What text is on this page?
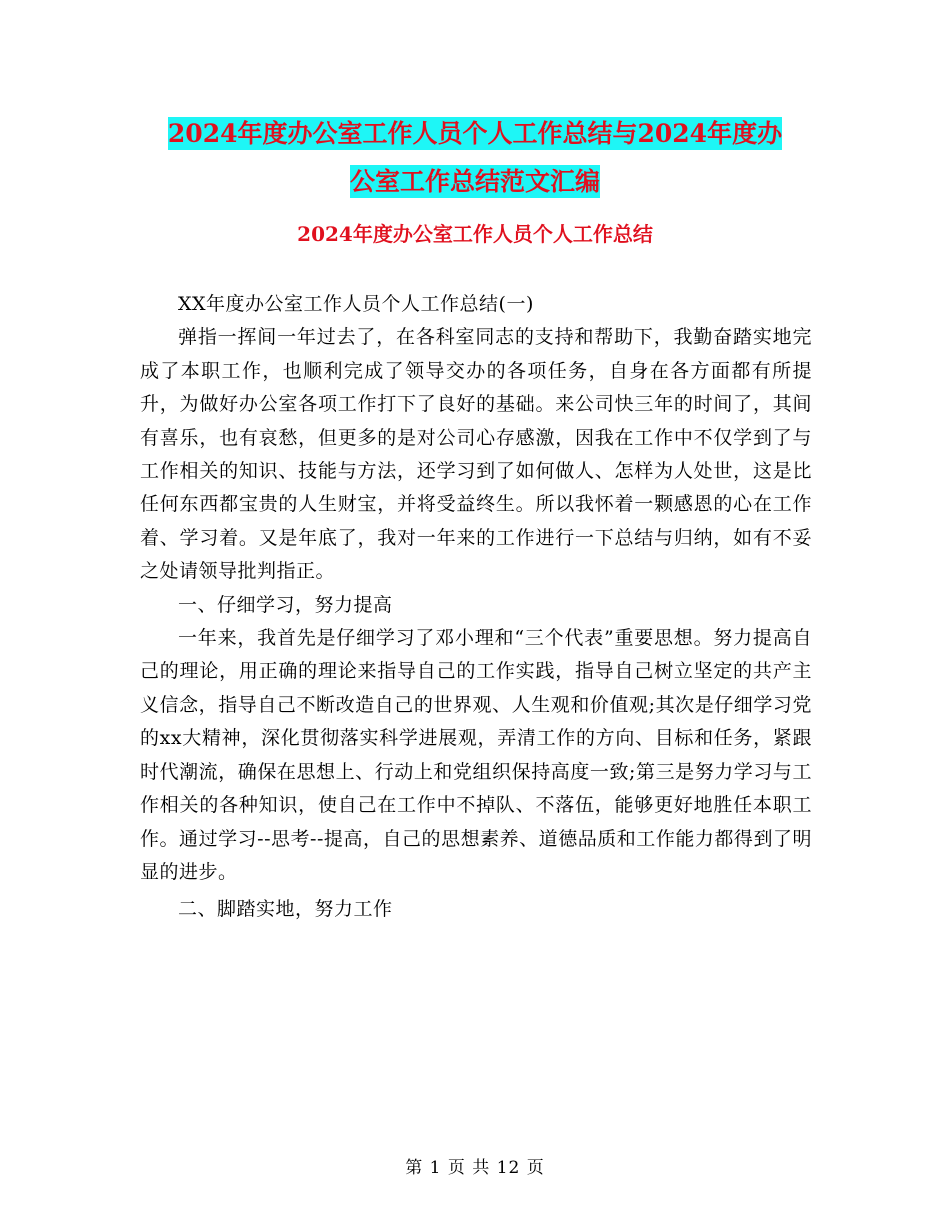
2024年度办公室工作人员个人工作总结与2024年度办
公室工作总结范文汇编
2024年度办公室工作人员个人工作总结

XX年度办公室工作人员个人工作总结(一)

弹指一挥间一年过去了，在各科室同志的支持和帮助下，我勤奋踏实地完成了本职工作，也顺利完成了领导交办的各项任务，自身在各方面都有所提升，为做好办公室各项工作打下了良好的基础。来公司快三年的时间了，其间有喜乐，也有哀愁，但更多的是对公司心存感激，因我在工作中不仅学到了与工作相关的知识、技能与方法，还学习到了如何做人、怎样为人处世，这是比任何东西都宝贵的人生财宝，并将受益终生。所以我怀着一颗感恩的心在工作着、学习着。又是年底了，我对一年来的工作进行一下总结与归纳，如有不妥之处请领导批判指正。

一、仔细学习，努力提高

一年来，我首先是仔细学习了邓小理和“三个代表”重要思想。努力提高自己的理论，用正确的理论来指导自己的工作实践，指导自己树立坚定的共产主义信念，指导自己不断改造自己的世界观、人生观和价值观;其次是仔细学习党的xx大精神，深化贯彻落实科学进展观，弄清工作的方向、目标和任务，紧跟时代潮流，确保在思想上、行动上和党组织保持高度一致;第三是努力学习与工作相关的各种知识，使自己在工作中不掉队、不落伍，能够更好地胜任本职工作。通过学习--思考--提高，自己的思想素养、道德品质和工作能力都得到了明显的进步。

二、脚踏实地，努力工作

第 1 页 共 12 页
